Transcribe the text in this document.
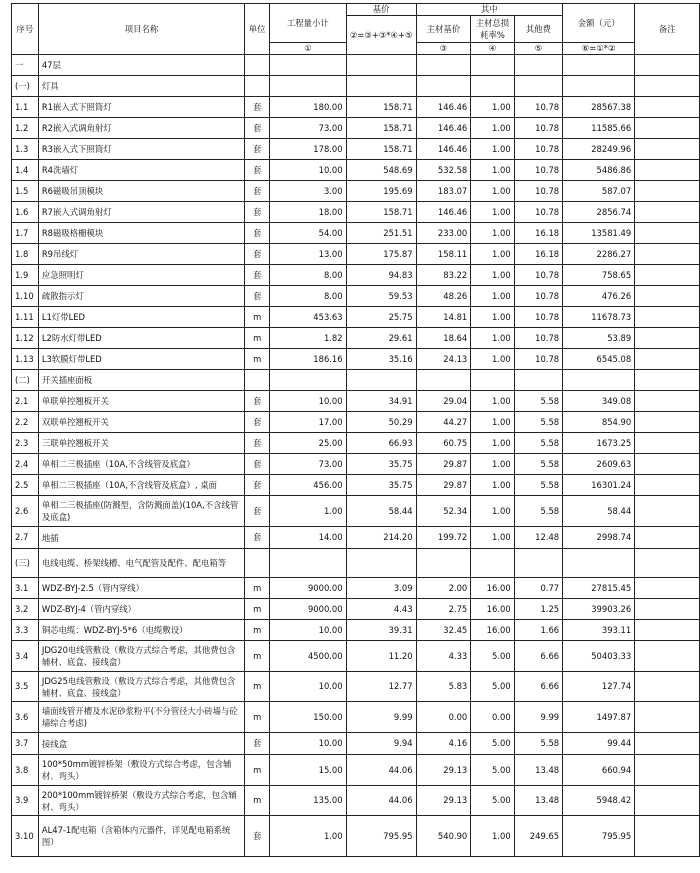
序号	项目名称	单位	工程量小计	基价	其中			金额（元）	备注
				②=③+③*④+⑤	主材基价	主材总损耗率%	其他费		
			①		③	④	⑤	⑥=①*②	
一	47层								
(一)	灯具								
1.1	R1嵌入式下照筒灯	套	180.00	158.71	146.46	1.00	10.78	28567.38	
1.2	R2嵌入式调角射灯	套	73.00	158.71	146.46	1.00	10.78	11585.66	
1.3	R3嵌入式下照筒灯	套	178.00	158.71	146.46	1.00	10.78	28249.96	
1.4	R4洗墙灯	套	10.00	548.69	532.58	1.00	10.78	5486.86	
1.5	R6磁吸吊顶模块	套	3.00	195.69	183.07	1.00	10.78	587.07	
1.6	R7嵌入式调角射灯	套	18.00	158.71	146.46	1.00	10.78	2856.74	
1.7	R8磁吸格栅模块	套	54.00	251.51	233.00	1.00	16.18	13581.49	
1.8	R9吊线灯	套	13.00	175.87	158.11	1.00	16.18	2286.27	
1.9	应急照明灯	套	8.00	94.83	83.22	1.00	10.78	758.65	
1.10	疏散指示灯	套	8.00	59.53	48.26	1.00	10.78	476.26	
1.11	L1灯带LED	m	453.63	25.75	14.81	1.00	10.78	11678.73	
1.12	L2防水灯带LED	m	1.82	29.61	18.64	1.00	10.78	53.89	
1.13	L3软膜灯带LED	m	186.16	35.16	24.13	1.00	10.78	6545.08	
(二)	开关插座面板								
2.1	单联单控翘板开关	套	10.00	34.91	29.04	1.00	5.58	349.08	
2.2	双联单控翘板开关	套	17.00	50.29	44.27	1.00	5.58	854.90	
2.3	三联单控翘板开关	套	25.00	66.93	60.75	1.00	5.58	1673.25	
2.4	单相二三极插座（10A,不含线管及底盒）	套	73.00	35.75	29.87	1.00	5.58	2609.63	
2.5	单相二三极插座（10A,不含线管及底盒）, 桌面	套	456.00	35.75	29.87	1.00	5.58	16301.24	
2.6	单相二三极插座(防溅型，含防溅面盖)(10A,不含线管及底盒)	套	1.00	58.44	52.34	1.00	5.58	58.44	
2.7	地插	套	14.00	214.20	199.72	1.00	12.48	2998.74	
(三)	电线电缆、桥架线槽、电气配管及配件、配电箱等								
3.1	WDZ-BYJ-2.5（管内穿线）	m	9000.00	3.09	2.00	16.00	0.77	27815.45	
3.2	WDZ-BYJ-4（管内穿线）	m	9000.00	4.43	2.75	16.00	1.25	39903.26	
3.3	铜芯电缆：WDZ-BYJ-5*6（电缆敷设）	m	10.00	39.31	32.45	16.00	1.66	393.11	
3.4	JDG20电线管敷设（敷设方式综合考虑，其他费包含辅材、底盒、接线盒）	m	4500.00	11.20	4.33	5.00	6.66	50403.33	
3.5	JDG25电线管敷设（敷设方式综合考虑，其他费包含辅材、底盒、接线盒）	m	10.00	12.77	5.83	5.00	6.66	127.74	
3.6	墙面线管开槽及水泥砂浆粉平(不分管径大小砖墙与砼墙综合考虑)	m	150.00	9.99	0.00	0.00	9.99	1497.87	
3.7	接线盒	套	10.00	9.94	4.16	5.00	5.58	99.44	
3.8	100*50mm镀锌桥架（敷设方式综合考虑，包含辅材、弯头）	m	15.00	44.06	29.13	5.00	13.48	660.94	
3.9	200*100mm镀锌桥架（敷设方式综合考虑，包含辅材、弯头）	m	135.00	44.06	29.13	5.00	13.48	5948.42	
3.10	AL47-1配电箱（含箱体内元器件，详见配电箱系统图）	套	1.00	795.95	540.90	1.00	249.65	795.95	
